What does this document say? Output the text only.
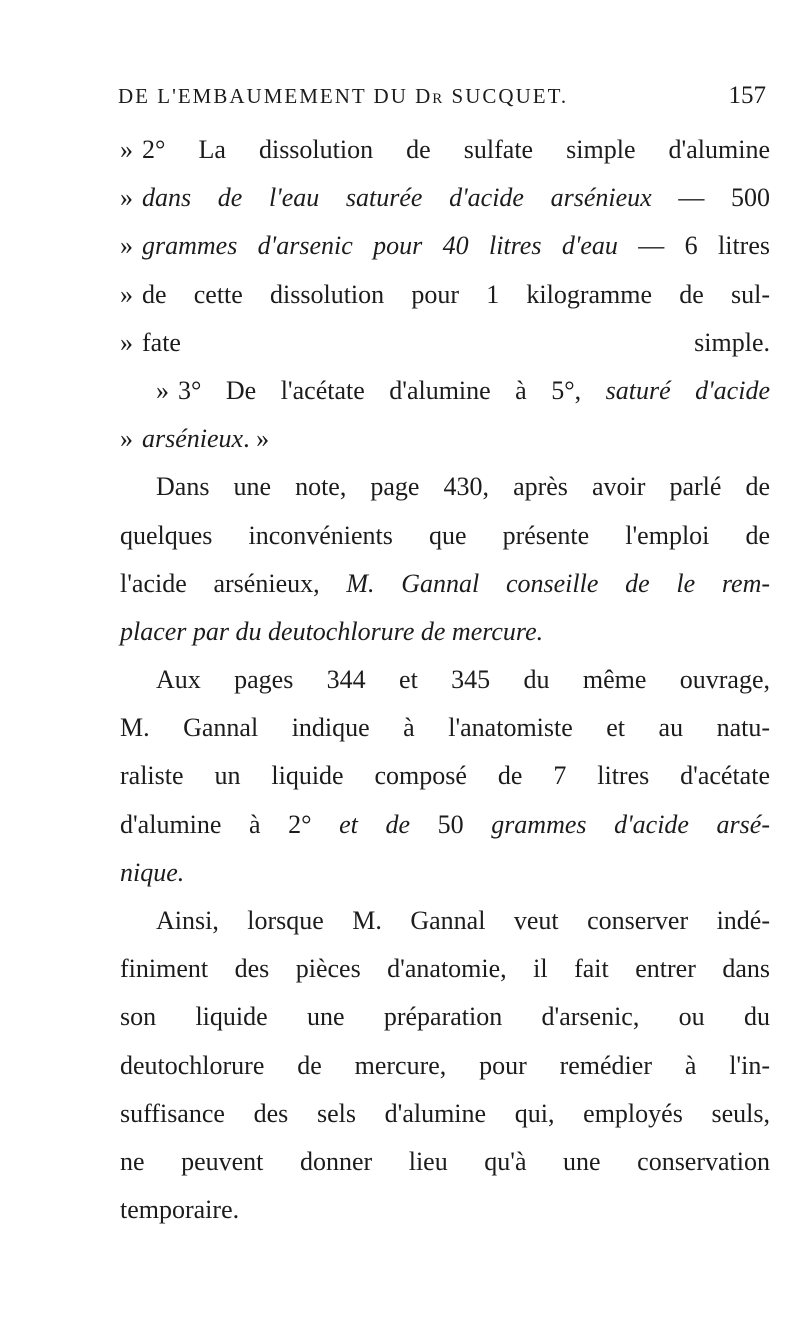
DE L'EMBAUMEMENT DU Dr SUCQUET.	157
» 2° La dissolution de sulfate simple d'alumine
» dans de l'eau saturée d'acide arsénieux — 500
» grammes d'arsenic pour 40 litres d'eau — 6 litres
» de cette dissolution pour 1 kilogramme de sul-
» fate simple.
» 3° De l'acétate d'alumine à 5°, saturé d'acide
» arsénieux. »
Dans une note, page 430, après avoir parlé de
quelques inconvénients que présente l'emploi de
l'acide arsénieux, M. Gannal conseille de le rem-
placer par du deutochlorure de mercure.
Aux pages 344 et 345 du même ouvrage,
M. Gannal indique à l'anatomiste et au natu-
raliste un liquide composé de 7 litres d'acétate
d'alumine à 2° et de 50 grammes d'acide arsé-
nique.
Ainsi, lorsque M. Gannal veut conserver indé-
finiment des pièces d'anatomie, il fait entrer dans
son liquide une préparation d'arsenic, ou du
deutochlorure de mercure, pour remédier à l'in-
suffisance des sels d'alumine qui, employés seuls,
ne peuvent donner lieu qu'à une conservation
temporaire.
